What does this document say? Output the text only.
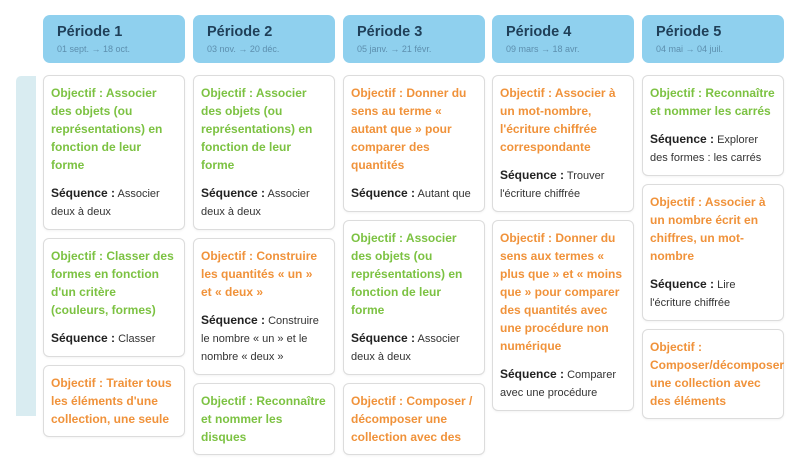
Période 1
01 sept. → 18 oct.
Période 2
03 nov. → 20 déc.
Période 3
05 janv. → 21 févr.
Période 4
09 mars → 18 avr.
Période 5
04 mai → 04 juil.
Objectif : Associer des objets (ou représentations) en fonction de leur forme
Séquence : Associer deux à deux
Objectif : Classer des formes en fonction d'un critère (couleurs, formes)
Séquence : Classer
Objectif : Traiter tous les éléments d'une collection, une seule
Objectif : Associer des objets (ou représentations) en fonction de leur forme
Séquence : Associer deux à deux
Objectif : Construire les quantités « un » et « deux »
Séquence : Construire le nombre « un » et le nombre « deux »
Objectif : Reconnaître et nommer les disques
Objectif : Donner du sens au terme « autant que » pour comparer des quantités
Séquence : Autant que
Objectif : Associer des objets (ou représentations) en fonction de leur forme
Séquence : Associer deux à deux
Objectif : Composer / décomposer une collection avec des
Objectif : Associer à un mot-nombre, l'écriture chiffrée correspondante
Séquence : Trouver l'écriture chiffrée
Objectif : Donner du sens aux termes « plus que » et « moins que » pour comparer des quantités avec une procédure non numérique
Séquence : Comparer avec une procédure
Objectif : Reconnaître et nommer les carrés
Séquence : Explorer des formes : les carrés
Objectif : Associer à un nombre écrit en chiffres, un mot-nombre
Séquence : Lire l'écriture chiffrée
Objectif : Composer/décomposer une collection avec des éléments
